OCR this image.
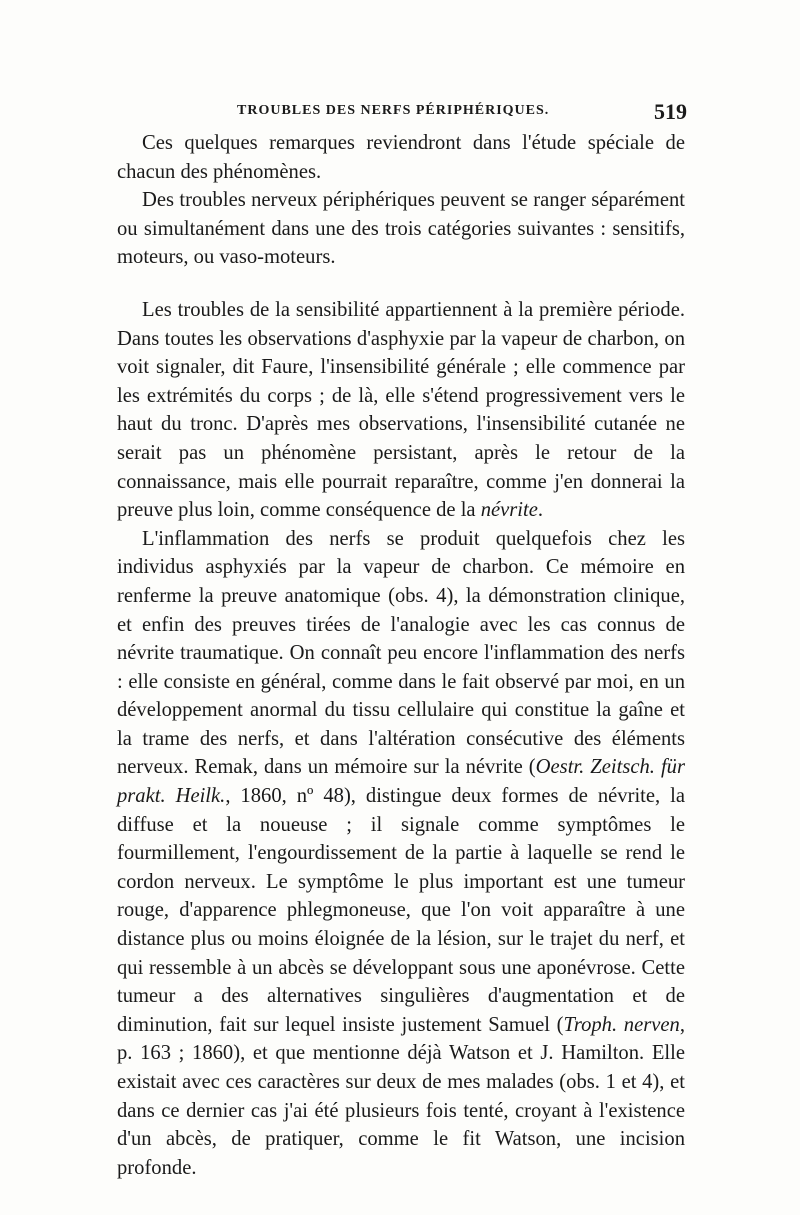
TROUBLES DES NERFS PÉRIPHÉRIQUES.	519

Ces quelques remarques reviendront dans l'étude spéciale de chacun des phénomènes.

Des troubles nerveux périphériques peuvent se ranger séparément ou simultanément dans une des trois catégories suivantes : sensitifs, moteurs, ou vaso-moteurs.

Les troubles de la sensibilité appartiennent à la première période. Dans toutes les observations d'asphyxie par la vapeur de charbon, on voit signaler, dit Faure, l'insensibilité générale ; elle commence par les extrémités du corps ; de là, elle s'étend progressivement vers le haut du tronc. D'après mes observations, l'insensibilité cutanée ne serait pas un phénomène persistant, après le retour de la connaissance, mais elle pourrait reparaître, comme j'en donnerai la preuve plus loin, comme conséquence de la névrite.

L'inflammation des nerfs se produit quelquefois chez les individus asphyxiés par la vapeur de charbon. Ce mémoire en renferme la preuve anatomique (obs. 4), la démonstration clinique, et enfin des preuves tirées de l'analogie avec les cas connus de névrite traumatique. On connaît peu encore l'inflammation des nerfs : elle consiste en général, comme dans le fait observé par moi, en un développement anormal du tissu cellulaire qui constitue la gaîne et la trame des nerfs, et dans l'altération consécutive des éléments nerveux. Remak, dans un mémoire sur la névrite (Oestr. Zeitsch. für prakt. Heilk., 1860, nº 48), distingue deux formes de névrite, la diffuse et la noueuse ; il signale comme symptômes le fourmillement, l'engourdissement de la partie à laquelle se rend le cordon nerveux. Le symptôme le plus important est une tumeur rouge, d'apparence phlegmoneuse, que l'on voit apparaître à une distance plus ou moins éloignée de la lésion, sur le trajet du nerf, et qui ressemble à un abcès se développant sous une aponévrose. Cette tumeur a des alternatives singulières d'augmentation et de diminution, fait sur lequel insiste justement Samuel (Troph. nerven, p. 163 ; 1860), et que mentionne déjà Watson et J. Hamilton. Elle existait avec ces caractères sur deux de mes malades (obs. 1 et 4), et dans ce dernier cas j'ai été plusieurs fois tenté, croyant à l'existence d'un abcès, de pratiquer, comme le fit Watson, une incision profonde.
